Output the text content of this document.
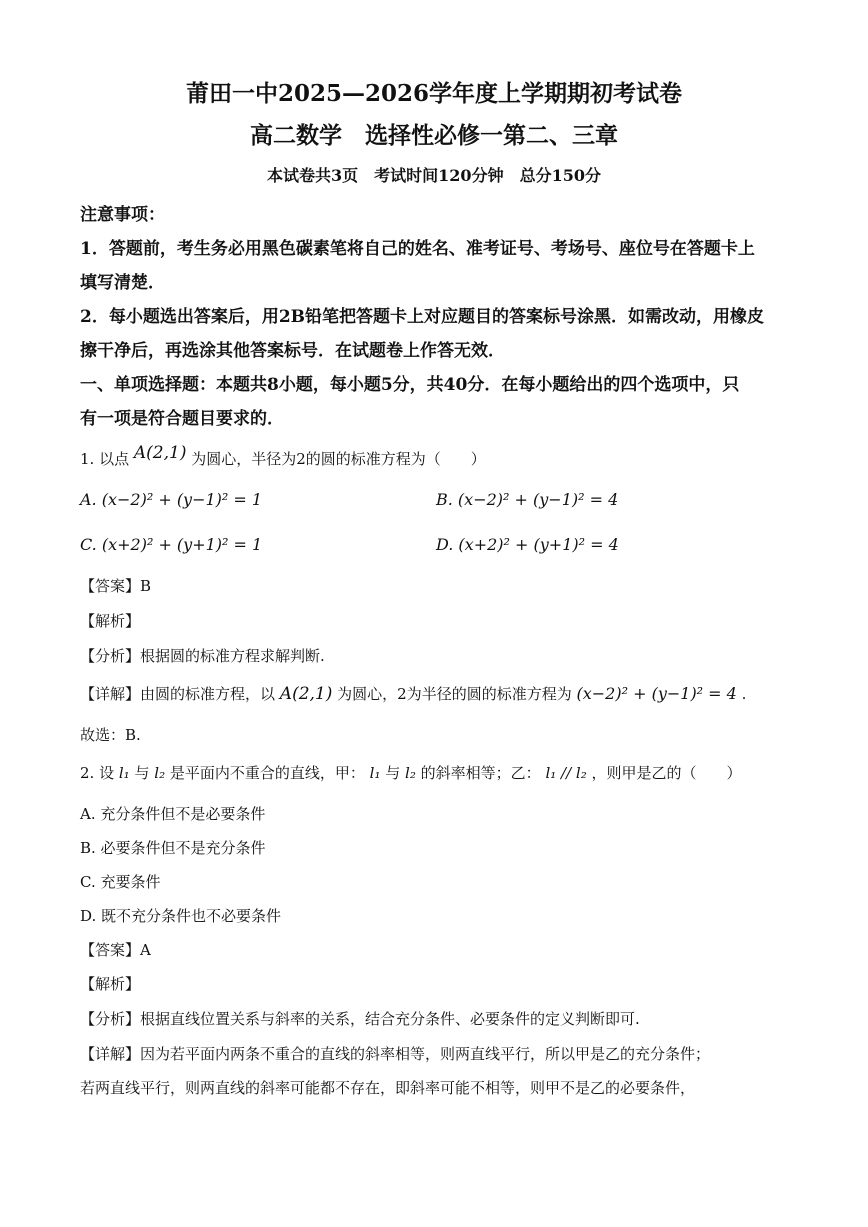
莆田一中2025—2026学年度上学期期初考试卷
高二数学　选择性必修一第二、三章
本试卷共3页　考试时间120分钟　总分150分
注意事项：
1．答题前，考生务必用黑色碳素笔将自己的姓名、准考证号、考场号、座位号在答题卡上
填写清楚．
2．每小题选出答案后，用2B铅笔把答题卡上对应题目的答案标号涂黑．如需改动，用橡皮
擦干净后，再选涂其他答案标号．在试题卷上作答无效．
一、单项选择题：本题共8小题，每小题5分，共40分．在每小题给出的四个选项中，只
有一项是符合题目要求的．
1. 以点 A(2,1) 为圆心，半径为2的圆的标准方程为（　　）
A. (x−2)² + (y−1)² = 1	B. (x−2)² + (y−1)² = 4
C. (x+2)² + (y+1)² = 1	D. (x+2)² + (y+1)² = 4
【答案】B
【解析】
【分析】根据圆的标准方程求解判断.
【详解】由圆的标准方程，以 A(2,1) 为圆心，2为半径的圆的标准方程为 (x−2)² + (y−1)² = 4 .
故选：B.
2. 设 l₁ 与 l₂ 是平面内不重合的直线，甲： l₁ 与 l₂ 的斜率相等；乙： l₁ // l₂ ，则甲是乙的（　　）
A. 充分条件但不是必要条件
B. 必要条件但不是充分条件
C. 充要条件
D. 既不充分条件也不必要条件
【答案】A
【解析】
【分析】根据直线位置关系与斜率的关系，结合充分条件、必要条件的定义判断即可.
【详解】因为若平面内两条不重合的直线的斜率相等，则两直线平行，所以甲是乙的充分条件；
若两直线平行，则两直线的斜率可能都不存在，即斜率可能不相等，则甲不是乙的必要条件，
